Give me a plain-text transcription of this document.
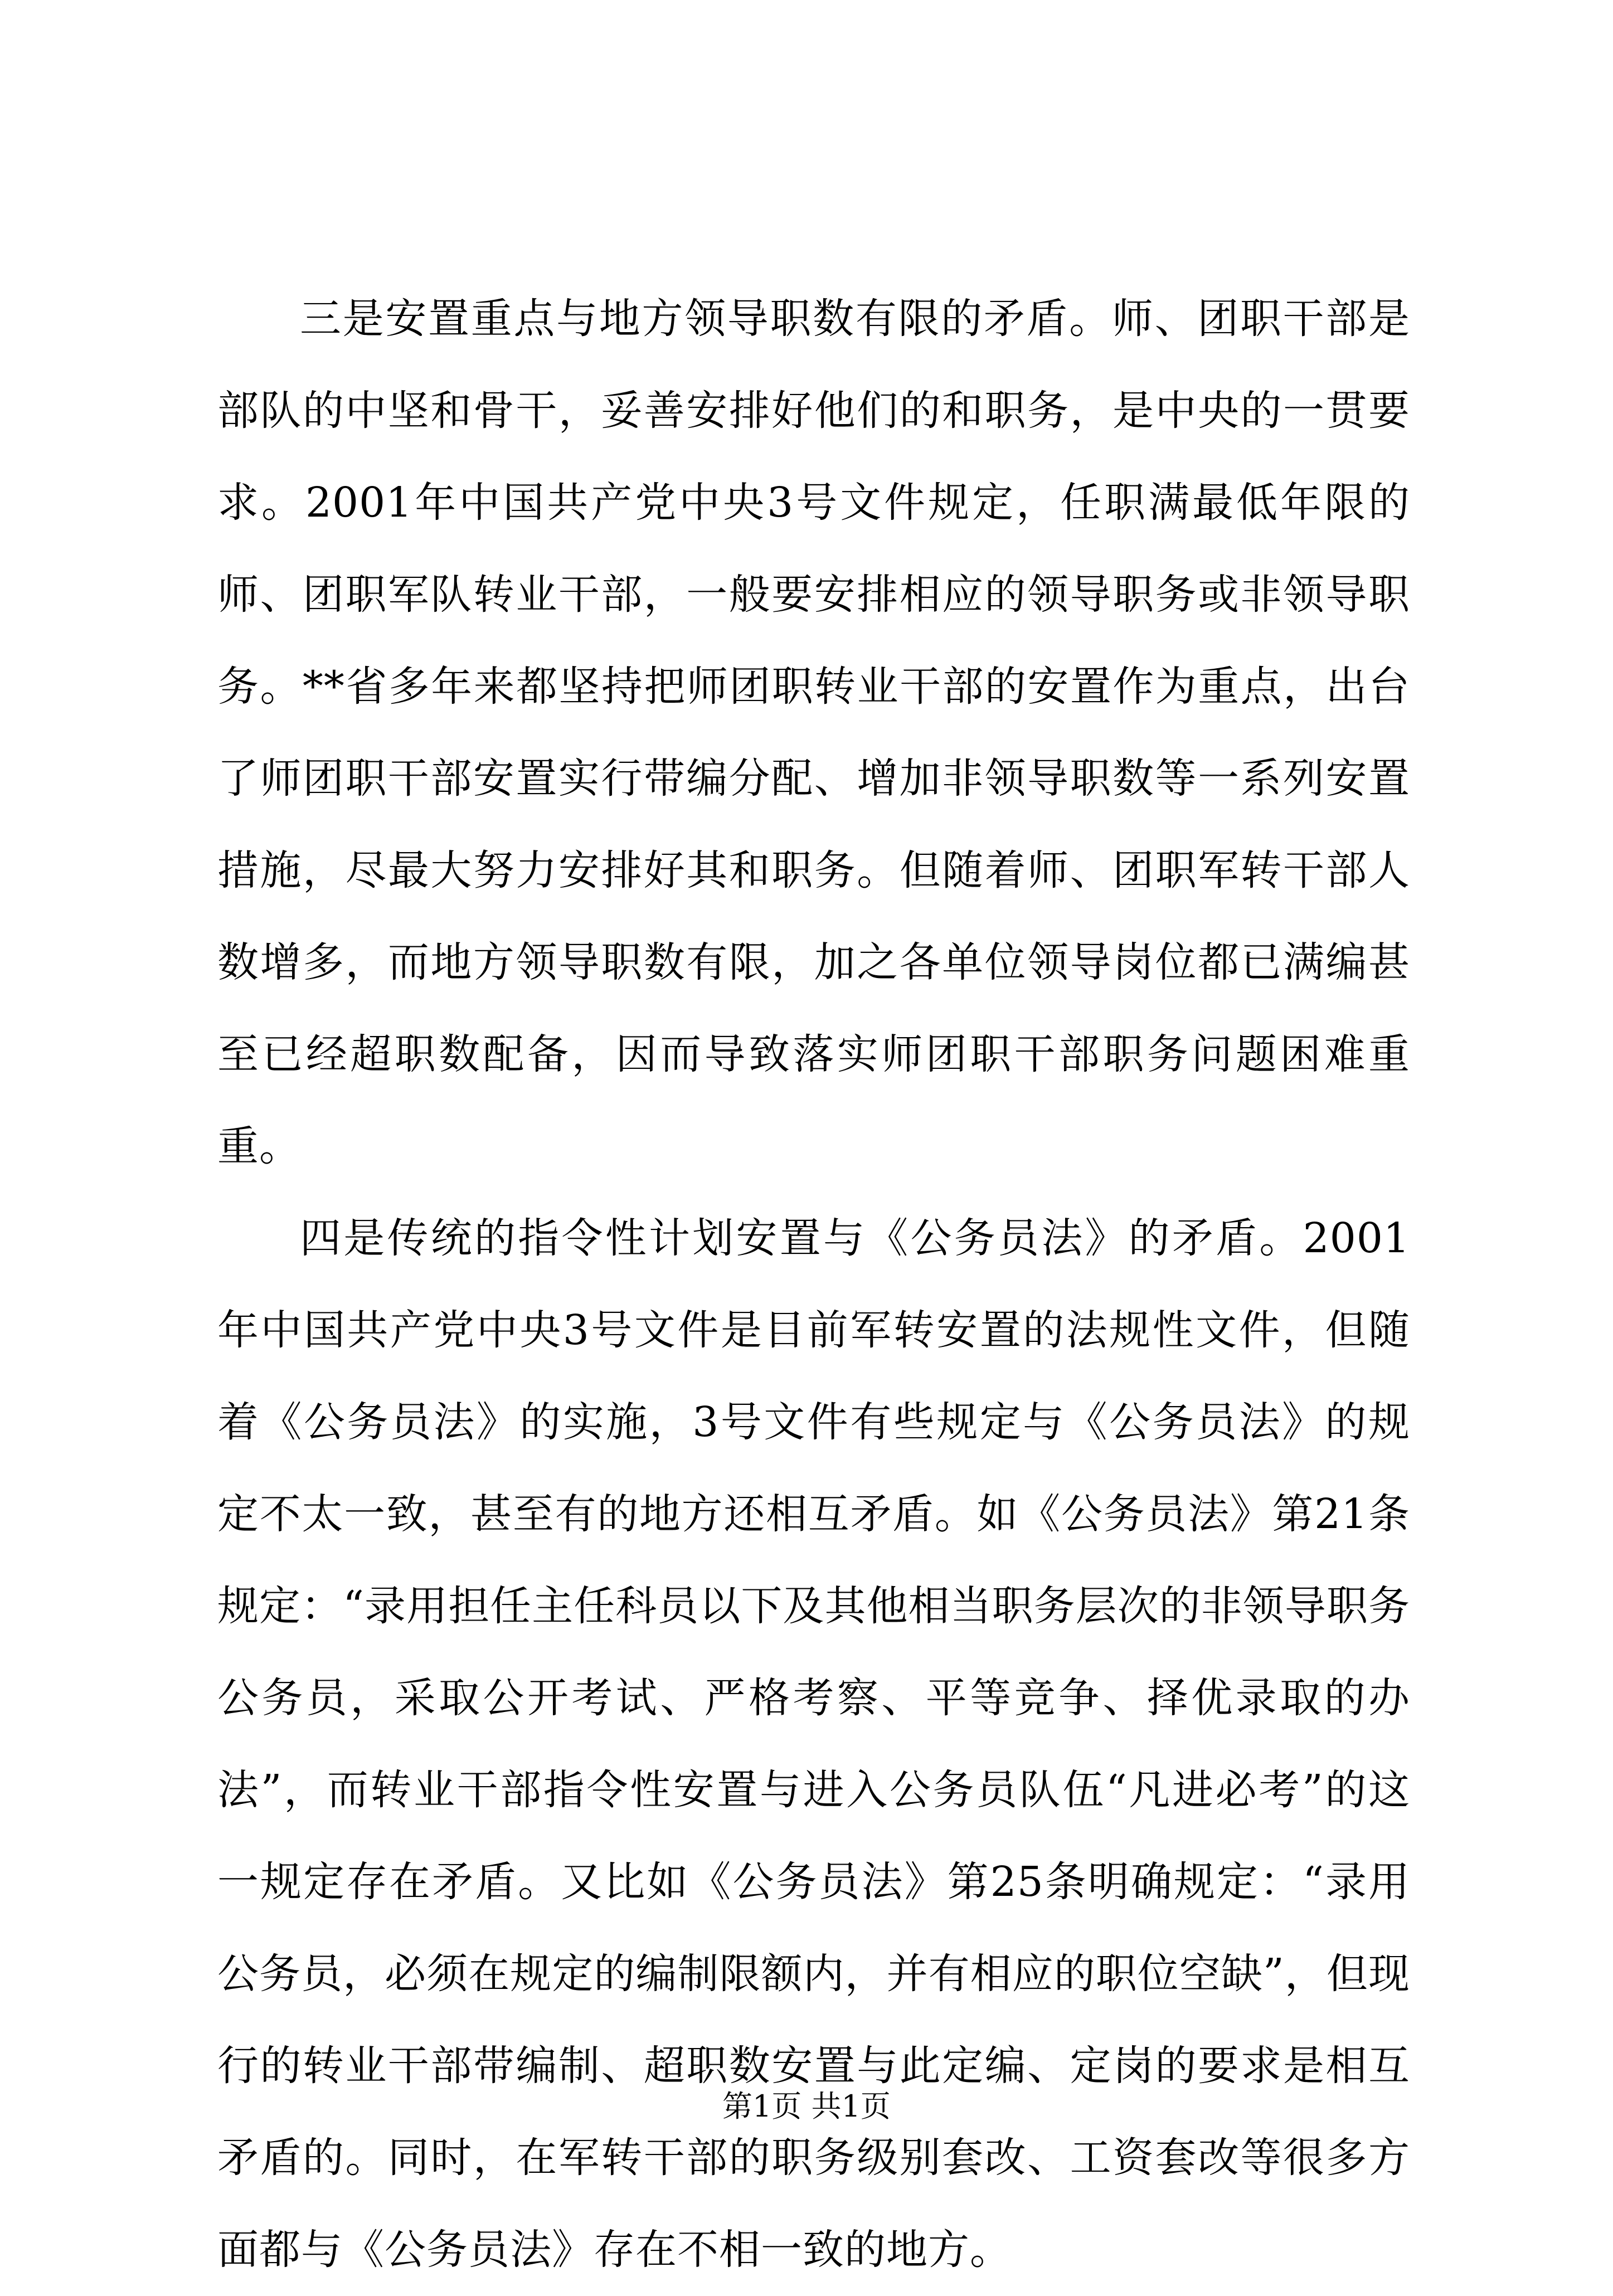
三是安置重点与地方领导职数有限的矛盾。师、团职干部是部队的中坚和骨干，妥善安排好他们的和职务，是中央的一贯要求。2001年中国共产党中央3号文件规定，任职满最低年限的师、团职军队转业干部，一般要安排相应的领导职务或非领导职务。**省多年来都坚持把师团职转业干部的安置作为重点，出台了师团职干部安置实行带编分配、增加非领导职数等一系列安置措施，尽最大努力安排好其和职务。但随着师、团职军转干部人数增多，而地方领导职数有限，加之各单位领导岗位都已满编甚至已经超职数配备，因而导致落实师团职干部职务问题困难重重。

四是传统的指令性计划安置与《公务员法》的矛盾。2001年中国共产党中央3号文件是目前军转安置的法规性文件，但随着《公务员法》的实施，3号文件有些规定与《公务员法》的规定不太一致，甚至有的地方还相互矛盾。如《公务员法》第21条规定：“录用担任主任科员以下及其他相当职务层次的非领导职务公务员，采取公开考试、严格考察、平等竞争、择优录取的办法”，而转业干部指令性安置与进入公务员队伍“凡进必考”的这一规定存在矛盾。又比如《公务员法》第25条明确规定：“录用公务员，必须在规定的编制限额内，并有相应的职位空缺”，但现行的转业干部带编制、超职数安置与此定编、定岗的要求是相互矛盾的。同时，在军转干部的职务级别套改、工资套改等很多方面都与《公务员法》存在不相一致的地方。

第1页 共1页
